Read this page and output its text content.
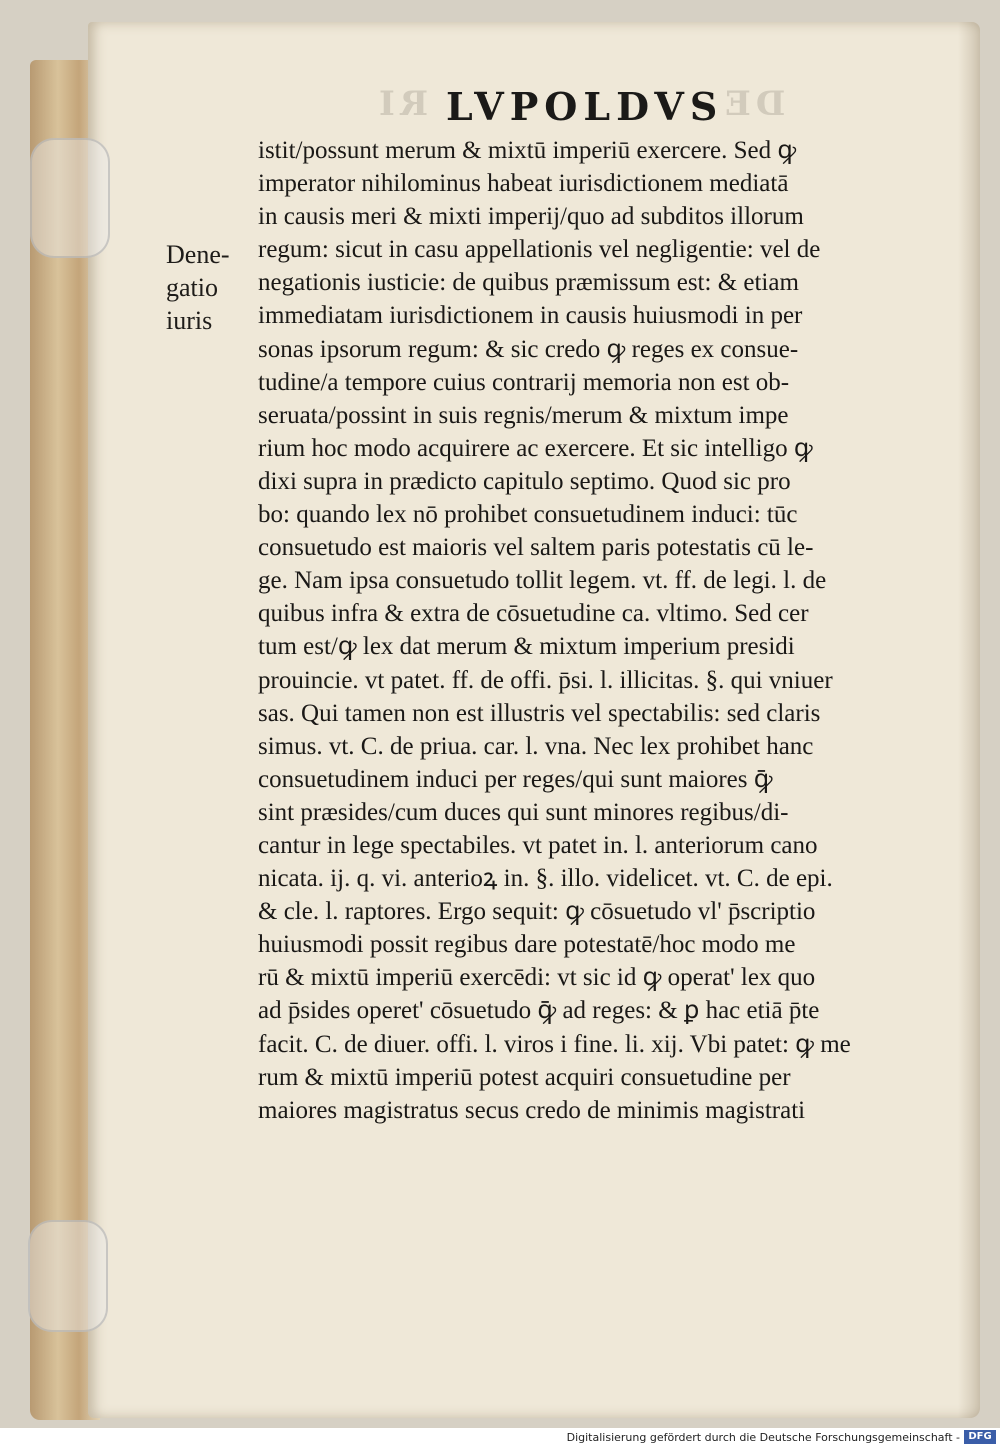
RI LVPOLDVS
DE
Dene-
gatio
iuris
istit/possunt merum & mixtū imperiū exercere. Sed ꝙ
imperator nihilominus habeat iurisdictionem mediatā
in causis meri & mixti imperij/quo ad subditos illorum
regum: sicut in casu appellationis vel negligentie: vel de
negationis iusticie: de quibus præmissum est: & etiam
immediatam iurisdictionem in causis huiusmodi in per
sonas ipsorum regum: & sic credo ꝙ reges ex consue-
tudine/a tempore cuius contrarij memoria non est ob-
seruata/possint in suis regnis/merum & mixtum impe
rium hoc modo acquirere ac exercere. Et sic intelligo ꝙ
dixi supra in prædicto capitulo septimo. Quod sic pro
bo: quando lex nō prohibet consuetudinem induci: tūc
consuetudo est maioris vel saltem paris potestatis cū le-
ge. Nam ipsa consuetudo tollit legem. vt. ff. de legi. l. de
quibus infra & extra de cōsuetudine ca. vltimo. Sed cer
tum est/ꝙ lex dat merum & mixtum imperium presidi
prouincie. vt patet. ff. de offi. p̄si. l. illicitas. §. qui vniuer
sas. Qui tamen non est illustris vel spectabilis: sed claris
simus. vt. C. de priua. car. l. vna. Nec lex prohibet hanc
consuetudinem induci per reges/qui sunt maiores ꝙ̄
sint præsides/cum duces qui sunt minores regibus/di-
cantur in lege spectabiles. vt patet in. l. anteriorum cano
nicata. ij. q. vi. anterioꝝ in. §. illo. videlicet. vt. C. de epi.
& cle. l. raptores. Ergo sequit: ꝙ cōsuetudo vl' p̄scriptio
huiusmodi possit regibus dare potestatē/hoc modo me
rū & mixtū imperiū exercēdi: vt sic id ꝙ operat' lex quo
ad p̄sides operet' cōsuetudo ꝙ̄ ad reges: & ꝑ hac etiā p̄te
facit. C. de diuer. offi. l. viros i fine. li. xij. Vbi patet: ꝙ me
rum & mixtū imperiū potest acquiri consuetudine per
maiores magistratus secus credo de minimis magistrati
Digitalisierung gefördert durch die Deutsche Forschungsgemeinschaft - DFG
